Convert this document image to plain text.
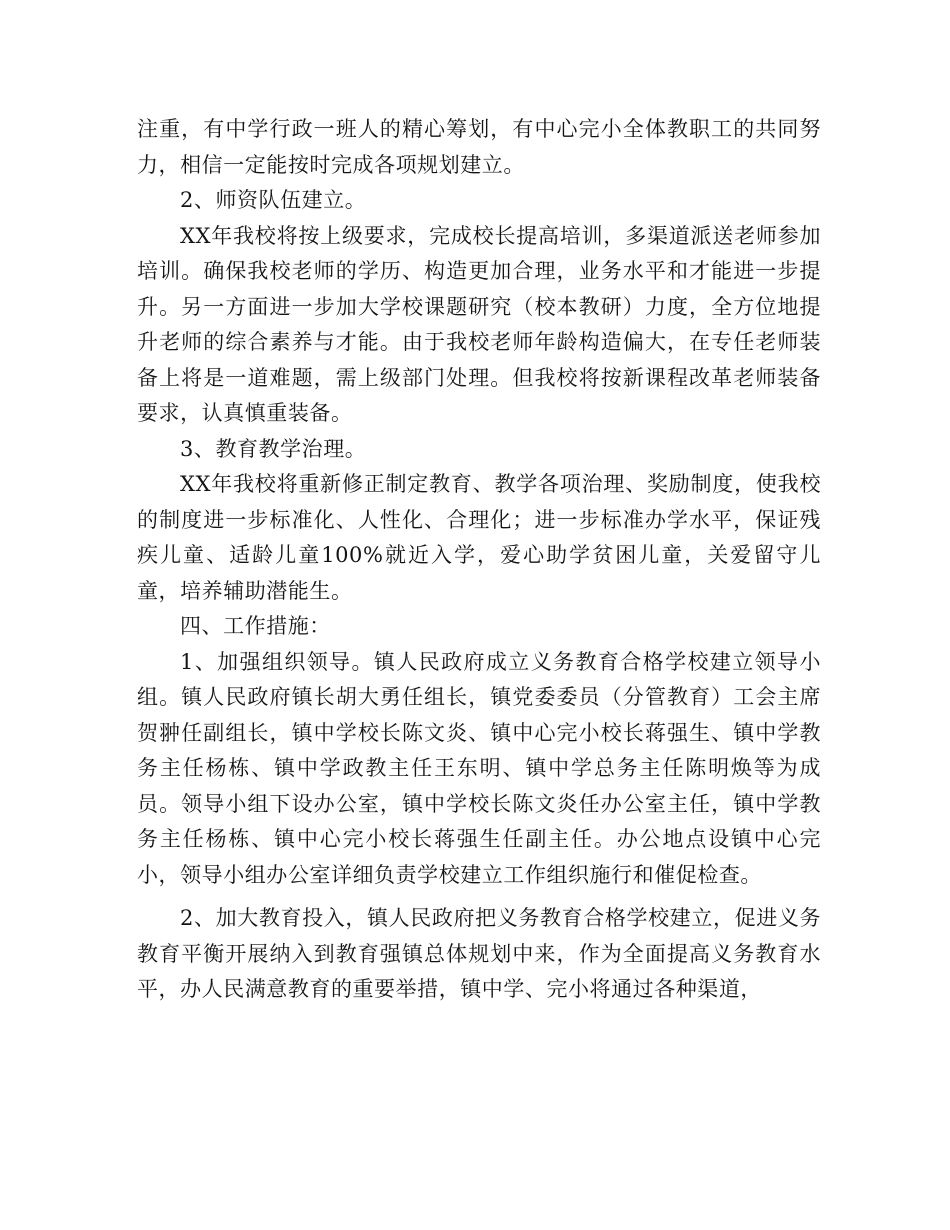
注重，有中学行政一班人的精心筹划，有中心完小全体教职工的共同努力，相信一定能按时完成各项规划建立。

2、师资队伍建立。

XX年我校将按上级要求，完成校长提高培训，多渠道派送老师参加培训。确保我校老师的学历、构造更加合理，业务水平和才能进一步提升。另一方面进一步加大学校课题研究（校本教研）力度，全方位地提升老师的综合素养与才能。由于我校老师年龄构造偏大，在专任老师装备上将是一道难题，需上级部门处理。但我校将按新课程改革老师装备要求，认真慎重装备。

3、教育教学治理。

XX年我校将重新修正制定教育、教学各项治理、奖励制度，使我校的制度进一步标准化、人性化、合理化；进一步标准办学水平，保证残疾儿童、适龄儿童100%就近入学，爱心助学贫困儿童，关爱留守儿童，培养辅助潜能生。

四、工作措施：

1、加强组织领导。镇人民政府成立义务教育合格学校建立领导小组。镇人民政府镇长胡大勇任组长，镇党委委员（分管教育）工会主席贺翀任副组长，镇中学校长陈文炎、镇中心完小校长蒋强生、镇中学教务主任杨栋、镇中学政教主任王东明、镇中学总务主任陈明焕等为成员。领导小组下设办公室，镇中学校长陈文炎任办公室主任，镇中学教务主任杨栋、镇中心完小校长蒋强生任副主任。办公地点设镇中心完小，领导小组办公室详细负责学校建立工作组织施行和催促检查。

2、加大教育投入，镇人民政府把义务教育合格学校建立，促进义务教育平衡开展纳入到教育强镇总体规划中来，作为全面提高义务教育水平，办人民满意教育的重要举措，镇中学、完小将通过各种渠道，
